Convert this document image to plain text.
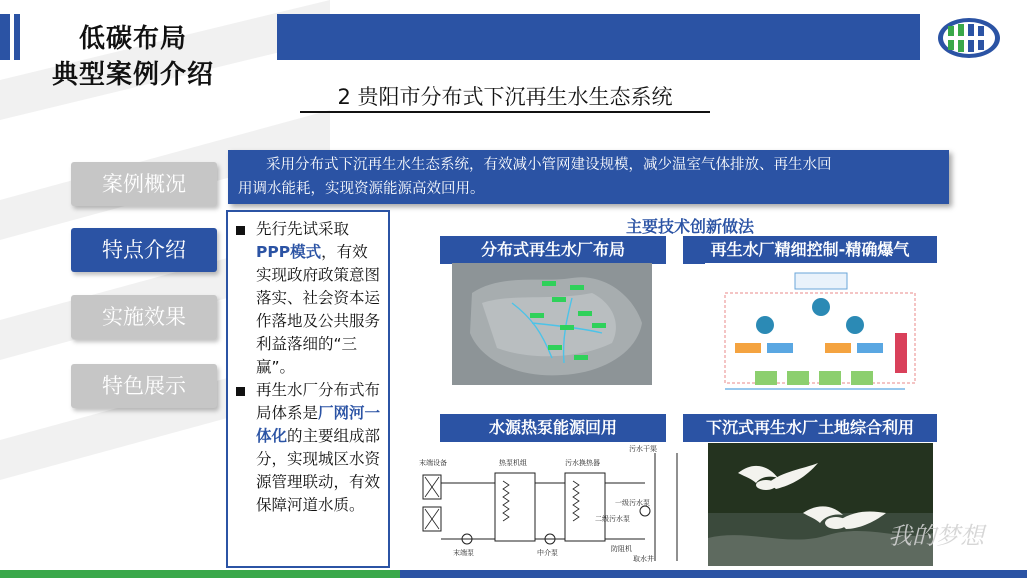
低碳布局
典型案例介绍
2 贵阳市分布式下沉再生水生态系统
案例概况
特点介绍
实施效果
特色展示
采用分布式下沉再生水生态系统，有效减小管网建设规模，减少温室气体排放、再生水回
用调水能耗，实现资源能源高效回用。
先行先试采取PPP模式，有效实现政府政策意图落实、社会资本运作落地及公共服务利益落细的“三赢”。
再生水厂分布式布局体系是厂网河一体化的主要组成部分，实现城区水资源管理联动，有效保障河道水质。
主要技术创新做法
分布式再生水厂布局	再生水厂精细控制-精确爆气
水源热泵能源回用	下沉式再生水厂土地综合利用
末端设备	热泵机组	污水换热器
污水干渠
一级污水泵
二级污水泵
末端泵	中介泵	防阻机
取水井
我的梦想
